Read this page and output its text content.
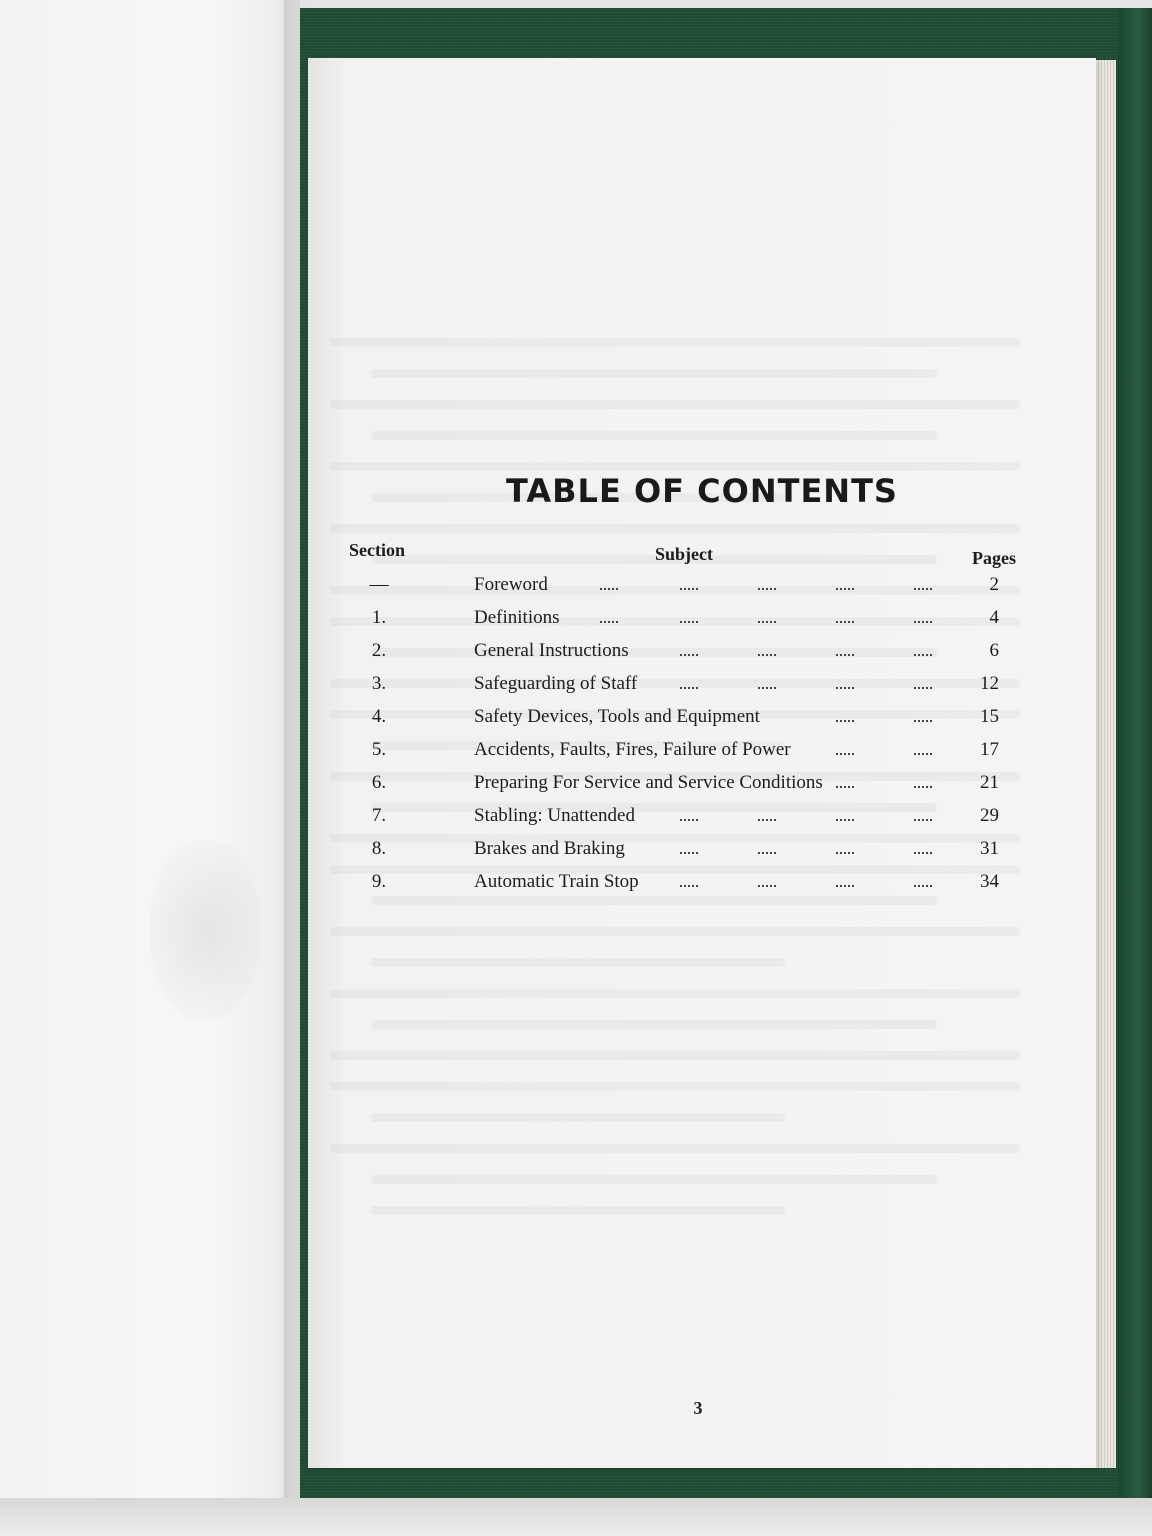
TABLE OF CONTENTS
Section	Subject	Pages
—	Foreword	2
1.	Definitions	4
2.	General Instructions	6
3.	Safeguarding of Staff	12
4.	Safety Devices, Tools and Equipment	15
5.	Accidents, Faults, Fires, Failure of Power	17
6.	Preparing For Service and Service Conditions	21
7.	Stabling: Unattended	29
8.	Brakes and Braking	31
9.	Automatic Train Stop	34
3
